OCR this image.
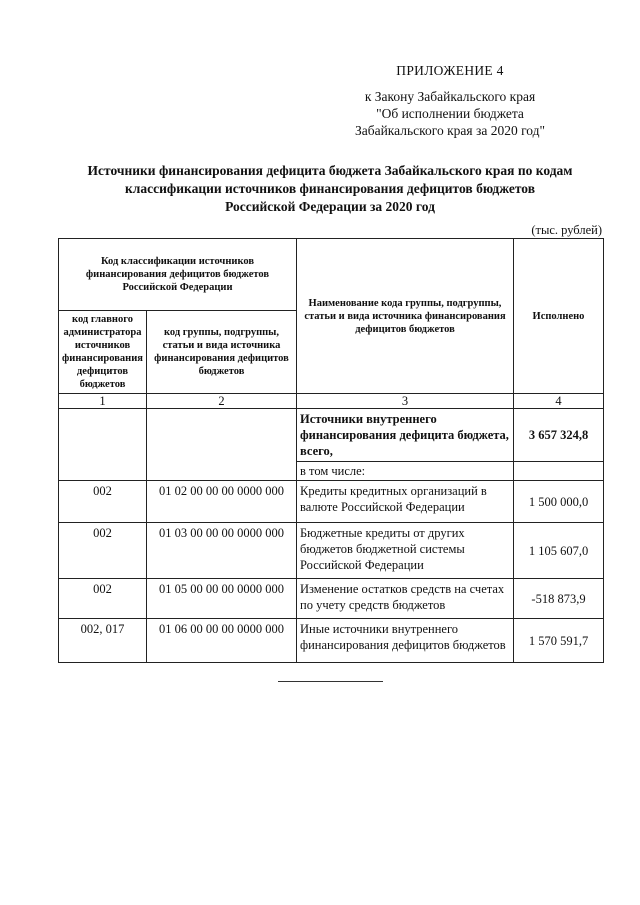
ПРИЛОЖЕНИЕ 4
к Закону Забайкальского края
"Об исполнении бюджета
Забайкальского края за 2020 год"
Источники финансирования дефицита бюджета Забайкальского края по кодам
классификации источников финансирования дефицитов бюджетов
Российской Федерации за 2020 год
(тыс. рублей)
Код классификации источников финансирования дефицитов бюджетов Российской Федерации		Наименование кода группы, подгруппы, статьи и вида источника финансирования дефицитов бюджетов	Исполнено
код главного администратора источников финансирования дефицитов бюджетов	код группы, подгруппы, статьи и вида источника финансирования дефицитов бюджетов		
1	2	3	4
		Источники внутреннего финансирования дефицита бюджета, всего,	3 657 324,8
		в том числе:	
002	01 02 00 00 00 0000 000	Кредиты кредитных организаций в валюте Российской Федерации	1 500 000,0
002	01 03 00 00 00 0000 000	Бюджетные кредиты от других бюджетов бюджетной системы Российской Федерации	1 105 607,0
002	01 05 00 00 00 0000 000	Изменение остатков средств на счетах по учету средств бюджетов	-518 873,9
002, 017	01 06 00 00 00 0000 000	Иные источники внутреннего финансирования дефицитов бюджетов	1 570 591,7
